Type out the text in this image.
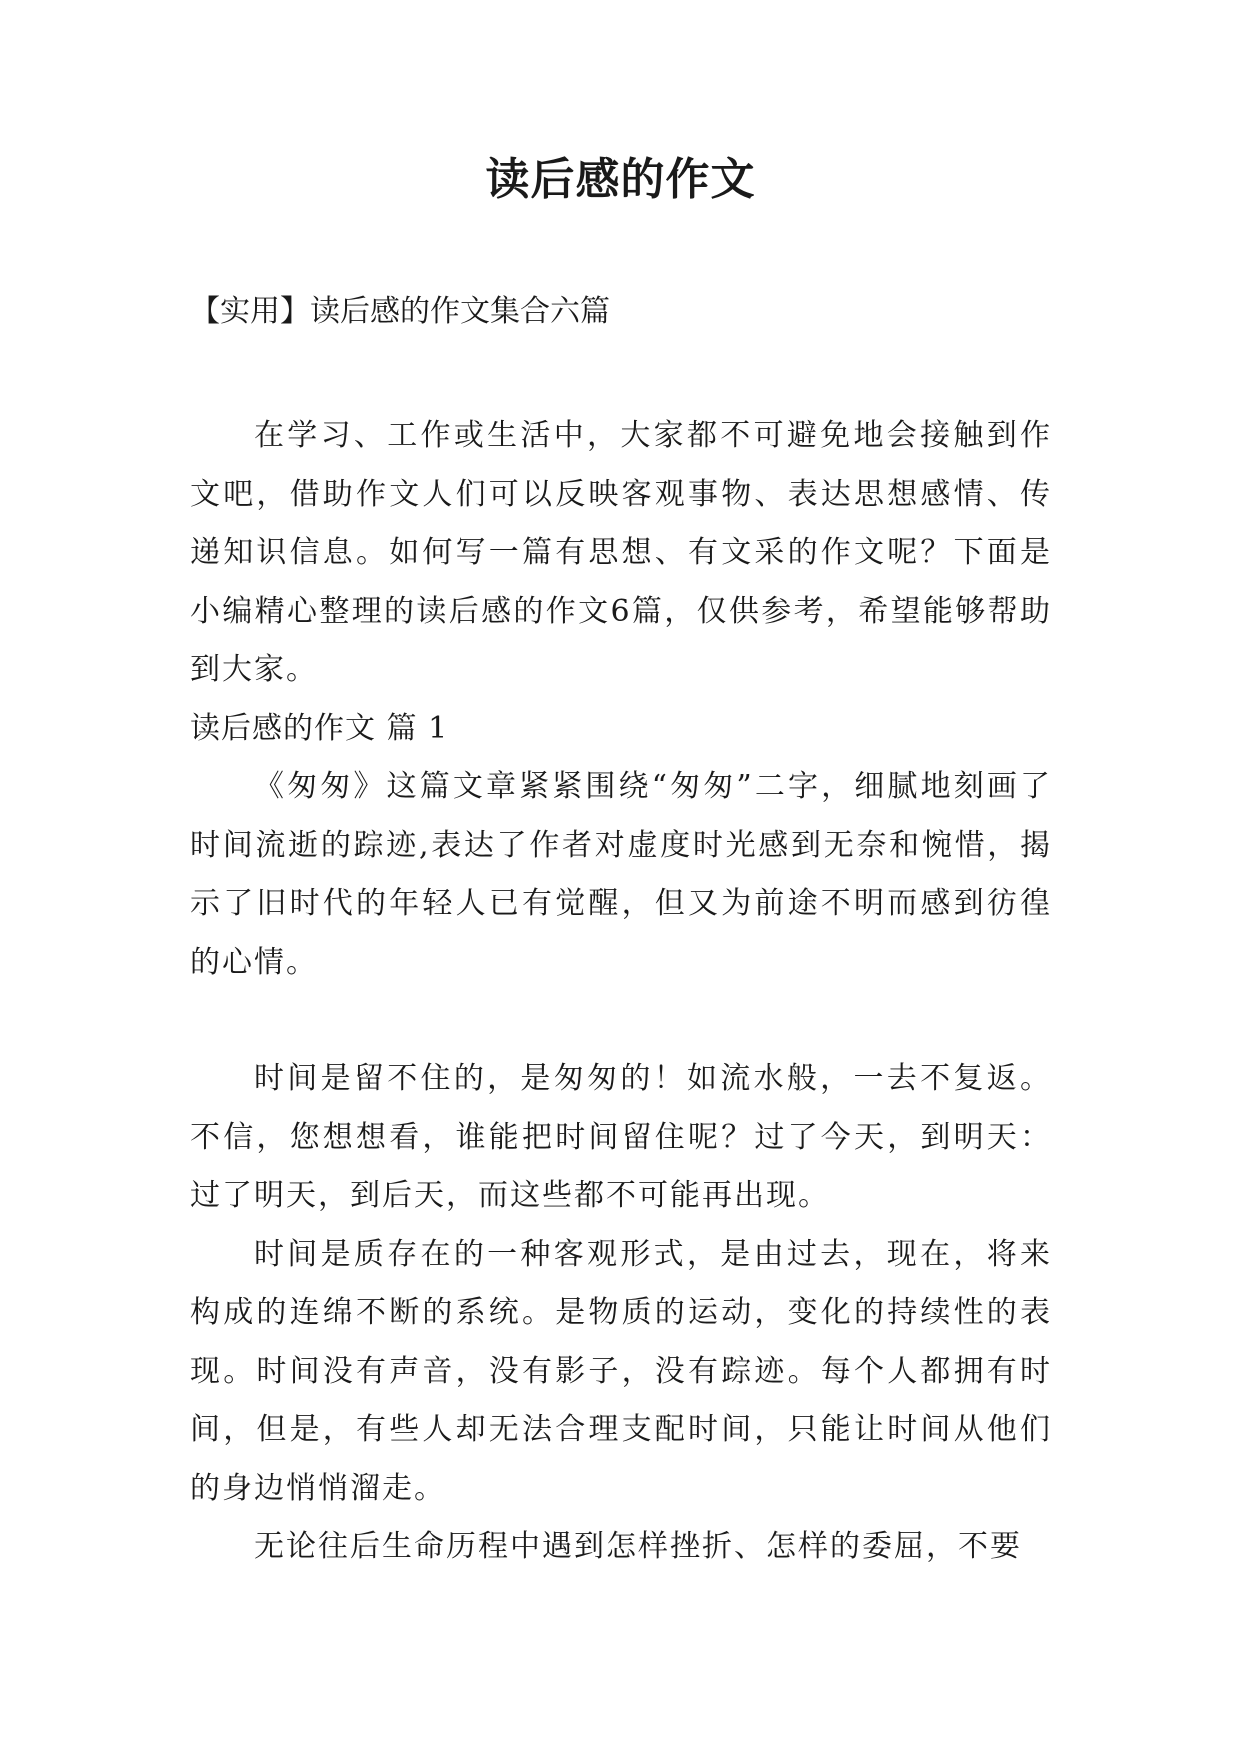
读后感的作文
【实用】读后感的作文集合六篇

在学习、工作或生活中，大家都不可避免地会接触到作文吧，借助作文人们可以反映客观事物、表达思想感情、传递知识信息。如何写一篇有思想、有文采的作文呢？下面是小编精心整理的读后感的作文6篇，仅供参考，希望能够帮助到大家。

读后感的作文 篇 1

《匆匆》这篇文章紧紧围绕“匆匆”二字，细腻地刻画了时间流逝的踪迹,表达了作者对虚度时光感到无奈和惋惜，揭示了旧时代的年轻人已有觉醒，但又为前途不明而感到彷徨的心情。

时间是留不住的，是匆匆的！如流水般，一去不复返。不信，您想想看，谁能把时间留住呢？过了今天，到明天：过了明天，到后天，而这些都不可能再出现。

时间是质存在的一种客观形式，是由过去，现在，将来构成的连绵不断的系统。是物质的运动，变化的持续性的表现。时间没有声音，没有影子，没有踪迹。每个人都拥有时间，但是，有些人却无法合理支配时间，只能让时间从他们的身边悄悄溜走。

无论往后生命历程中遇到怎样挫折、怎样的委屈，不要
